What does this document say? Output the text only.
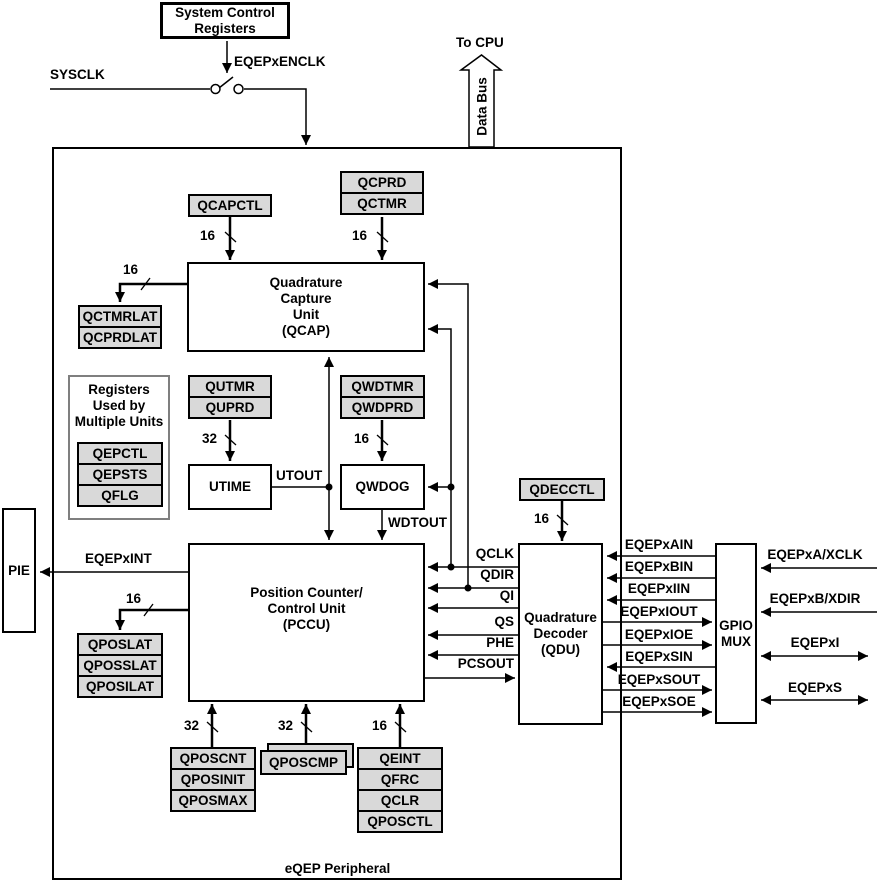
eQEP Peripheral
System Control
Registers
PIE
GPIO
MUX
SYSCLK
EQEPxENCLK
To CPU
Data Bus
Quadrature
Capture
Unit
(QCAP)
Position Counter/
Control Unit
(PCCU)	Quadrature
Decoder
(QDU)
UTIME	QWDOG
QCAPCTL
QCPRD
QCTMR
QCTMRLAT
QCPRDLAT
QUTMR
QUPRD
QWDTMR
QWDPRD
QDECCTL
QPOSLAT
QPOSSLAT
QPOSILAT
QPOSCNT
QPOSINIT
QPOSMAX
QPOSCMP	QEINT
QFRC
QCLR
QPOSCTL
Registers
Used by
Multiple Units
QEPCTL
QEPSTS
QFLG
16	16
16
32	16
16
16
32	32	16
EQEPxINT
UTOUT
WDTOUT
QCLK
QDIR
QI
QS
PHE
PCSOUT
EQEPxAIN
EQEPxBIN
EQEPxIIN
EQEPxIOUT
EQEPxIOE
EQEPxSIN
EQEPxSOUT
EQEPxSOE
EQEPxA/XCLK
EQEPxB/XDIR
EQEPxI
EQEPxS
